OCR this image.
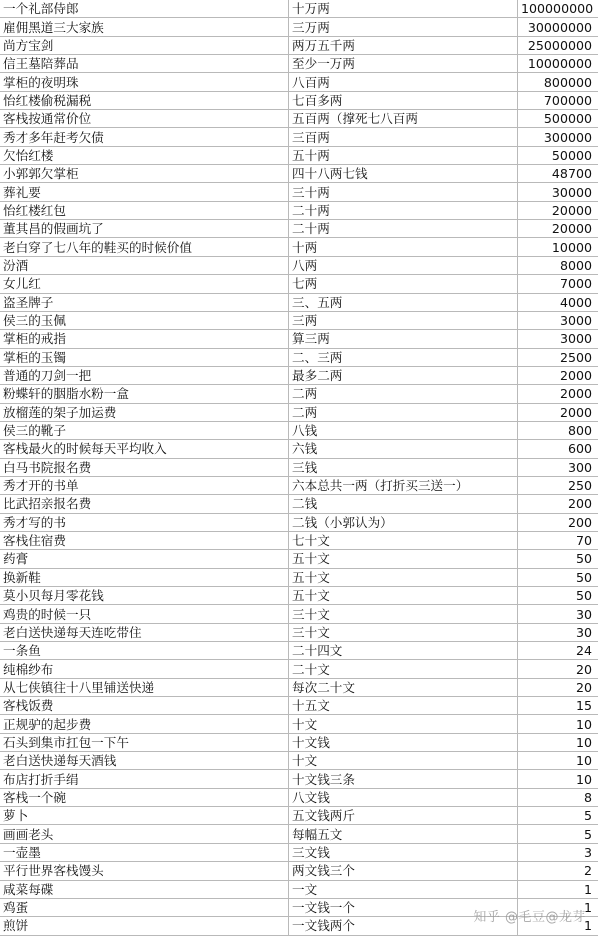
一个礼部侍郎	十万两	100000000
雇佣黑道三大家族	三万两	30000000
尚方宝剑	两万五千两	25000000
信王墓陪葬品	至少一万两	10000000
掌柜的夜明珠	八百两	800000
怡红楼偷税漏税	七百多两	700000
客栈按通常价位	五百两（撑死七八百两	500000
秀才多年赶考欠债	三百两	300000
欠怡红楼	五十两	50000
小郭郭欠掌柜	四十八两七钱	48700
葬礼要	三十两	30000
怡红楼红包	二十两	20000
董其昌的假画坑了	二十两	20000
老白穿了七八年的鞋买的时候价值	十两	10000
汾酒	八两	8000
女儿红	七两	7000
盗圣牌子	三、五两	4000
侯三的玉佩	三两	3000
掌柜的戒指	算三两	3000
掌柜的玉镯	二、三两	2500
普通的刀剑一把	最多二两	2000
粉蝶轩的胭脂水粉一盒	二两	2000
放榴莲的架子加运费	二两	2000
侯三的靴子	八钱	800
客栈最火的时候每天平均收入	六钱	600
白马书院报名费	三钱	300
秀才开的书单	六本总共一两（打折买三送一）	250
比武招亲报名费	二钱	200
秀才写的书	二钱（小郭认为）	200
客栈住宿费	七十文	70
药膏	五十文	50
换新鞋	五十文	50
莫小贝每月零花钱	五十文	50
鸡贵的时候一只	三十文	30
老白送快递每天连吃带住	三十文	30
一条鱼	二十四文	24
纯棉纱布	二十文	20
从七侠镇往十八里铺送快递	每次二十文	20
客栈饭费	十五文	15
正规驴的起步费	十文	10
石头到集市扛包一下午	十文钱	10
老白送快递每天酒钱	十文	10
布店打折手绢	十文钱三条	10
客栈一个碗	八文钱	8
萝卜	五文钱两斤	5
画画老头	每幅五文	5
一壶墨	三文钱	3
平行世界客栈馒头	两文钱三个	2
咸菜每碟	一文	1
鸡蛋	一文钱一个	1
煎饼	一文钱两个	1
知乎 @毛豆@龙芽
